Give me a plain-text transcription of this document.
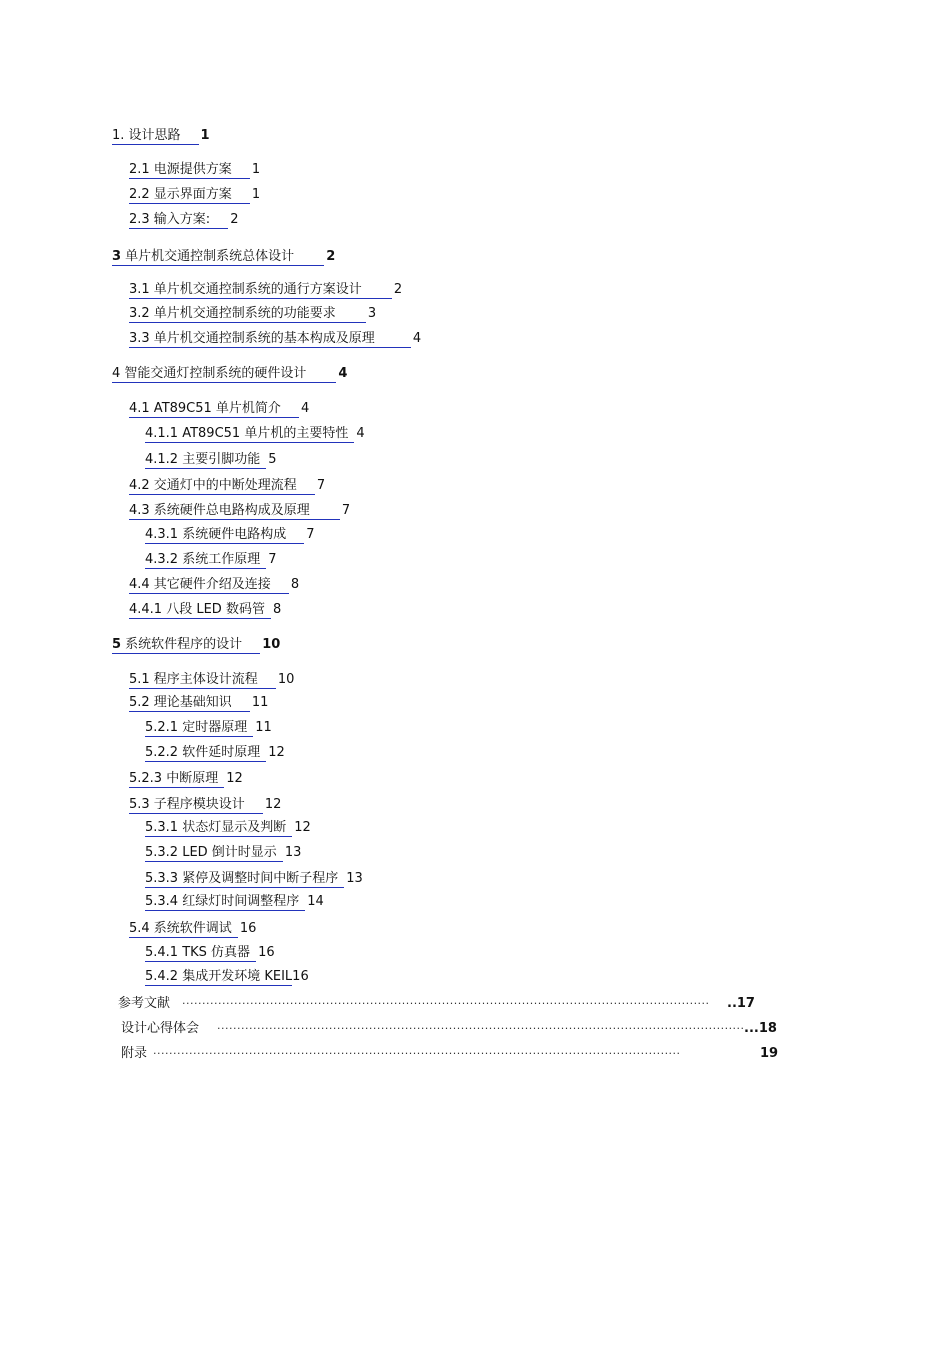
1. 设计思路 1
2.1 电源提供方案 1
2.2 显示界面方案 1
2.3 输入方案: 2
3 单片机交通控制系统总体设计 2
3.1 单片机交通控制系统的通行方案设计 2
3.2 单片机交通控制系统的功能要求 3
3.3 单片机交通控制系统的基本构成及原理	4
4 智能交通灯控制系统的硬件设计 4
4.1 AT89C51 单片机简介 4
4.1.1 AT89C51 单片机的主要特性 4
4.1.2 主要引脚功能 5
4.2 交通灯中的中断处理流程 7
4.3 系统硬件总电路构成及原理 7
4.3.1 系统硬件电路构成 7
4.3.2 系统工作原理 7
4.4 其它硬件介绍及连接 8
4.4.1 八段 LED 数码管 8
5 系统软件程序的设计 10
5.1 程序主体设计流程 10
5.2 理论基础知识 11
5.2.1 定时器原理 11
5.2.2 软件延时原理 12
5.2.3 中断原理 12
5.3 子程序模块设计 12
5.3.1 状态灯显示及判断 12
5.3.2 LED 倒计时显示 13
5.3.3 紧停及调整时间中断子程序 13
5.3.4 红绿灯时间调整程序 14
5.4 系统软件调试 16
5.4.1 TKS 仿真器 16
5.4.2 集成开发环境 KEIL16
参考文献 ···································································································································· ..17
设计心得体会 ···································································································································· ...18
附录 ····································································································································	19
